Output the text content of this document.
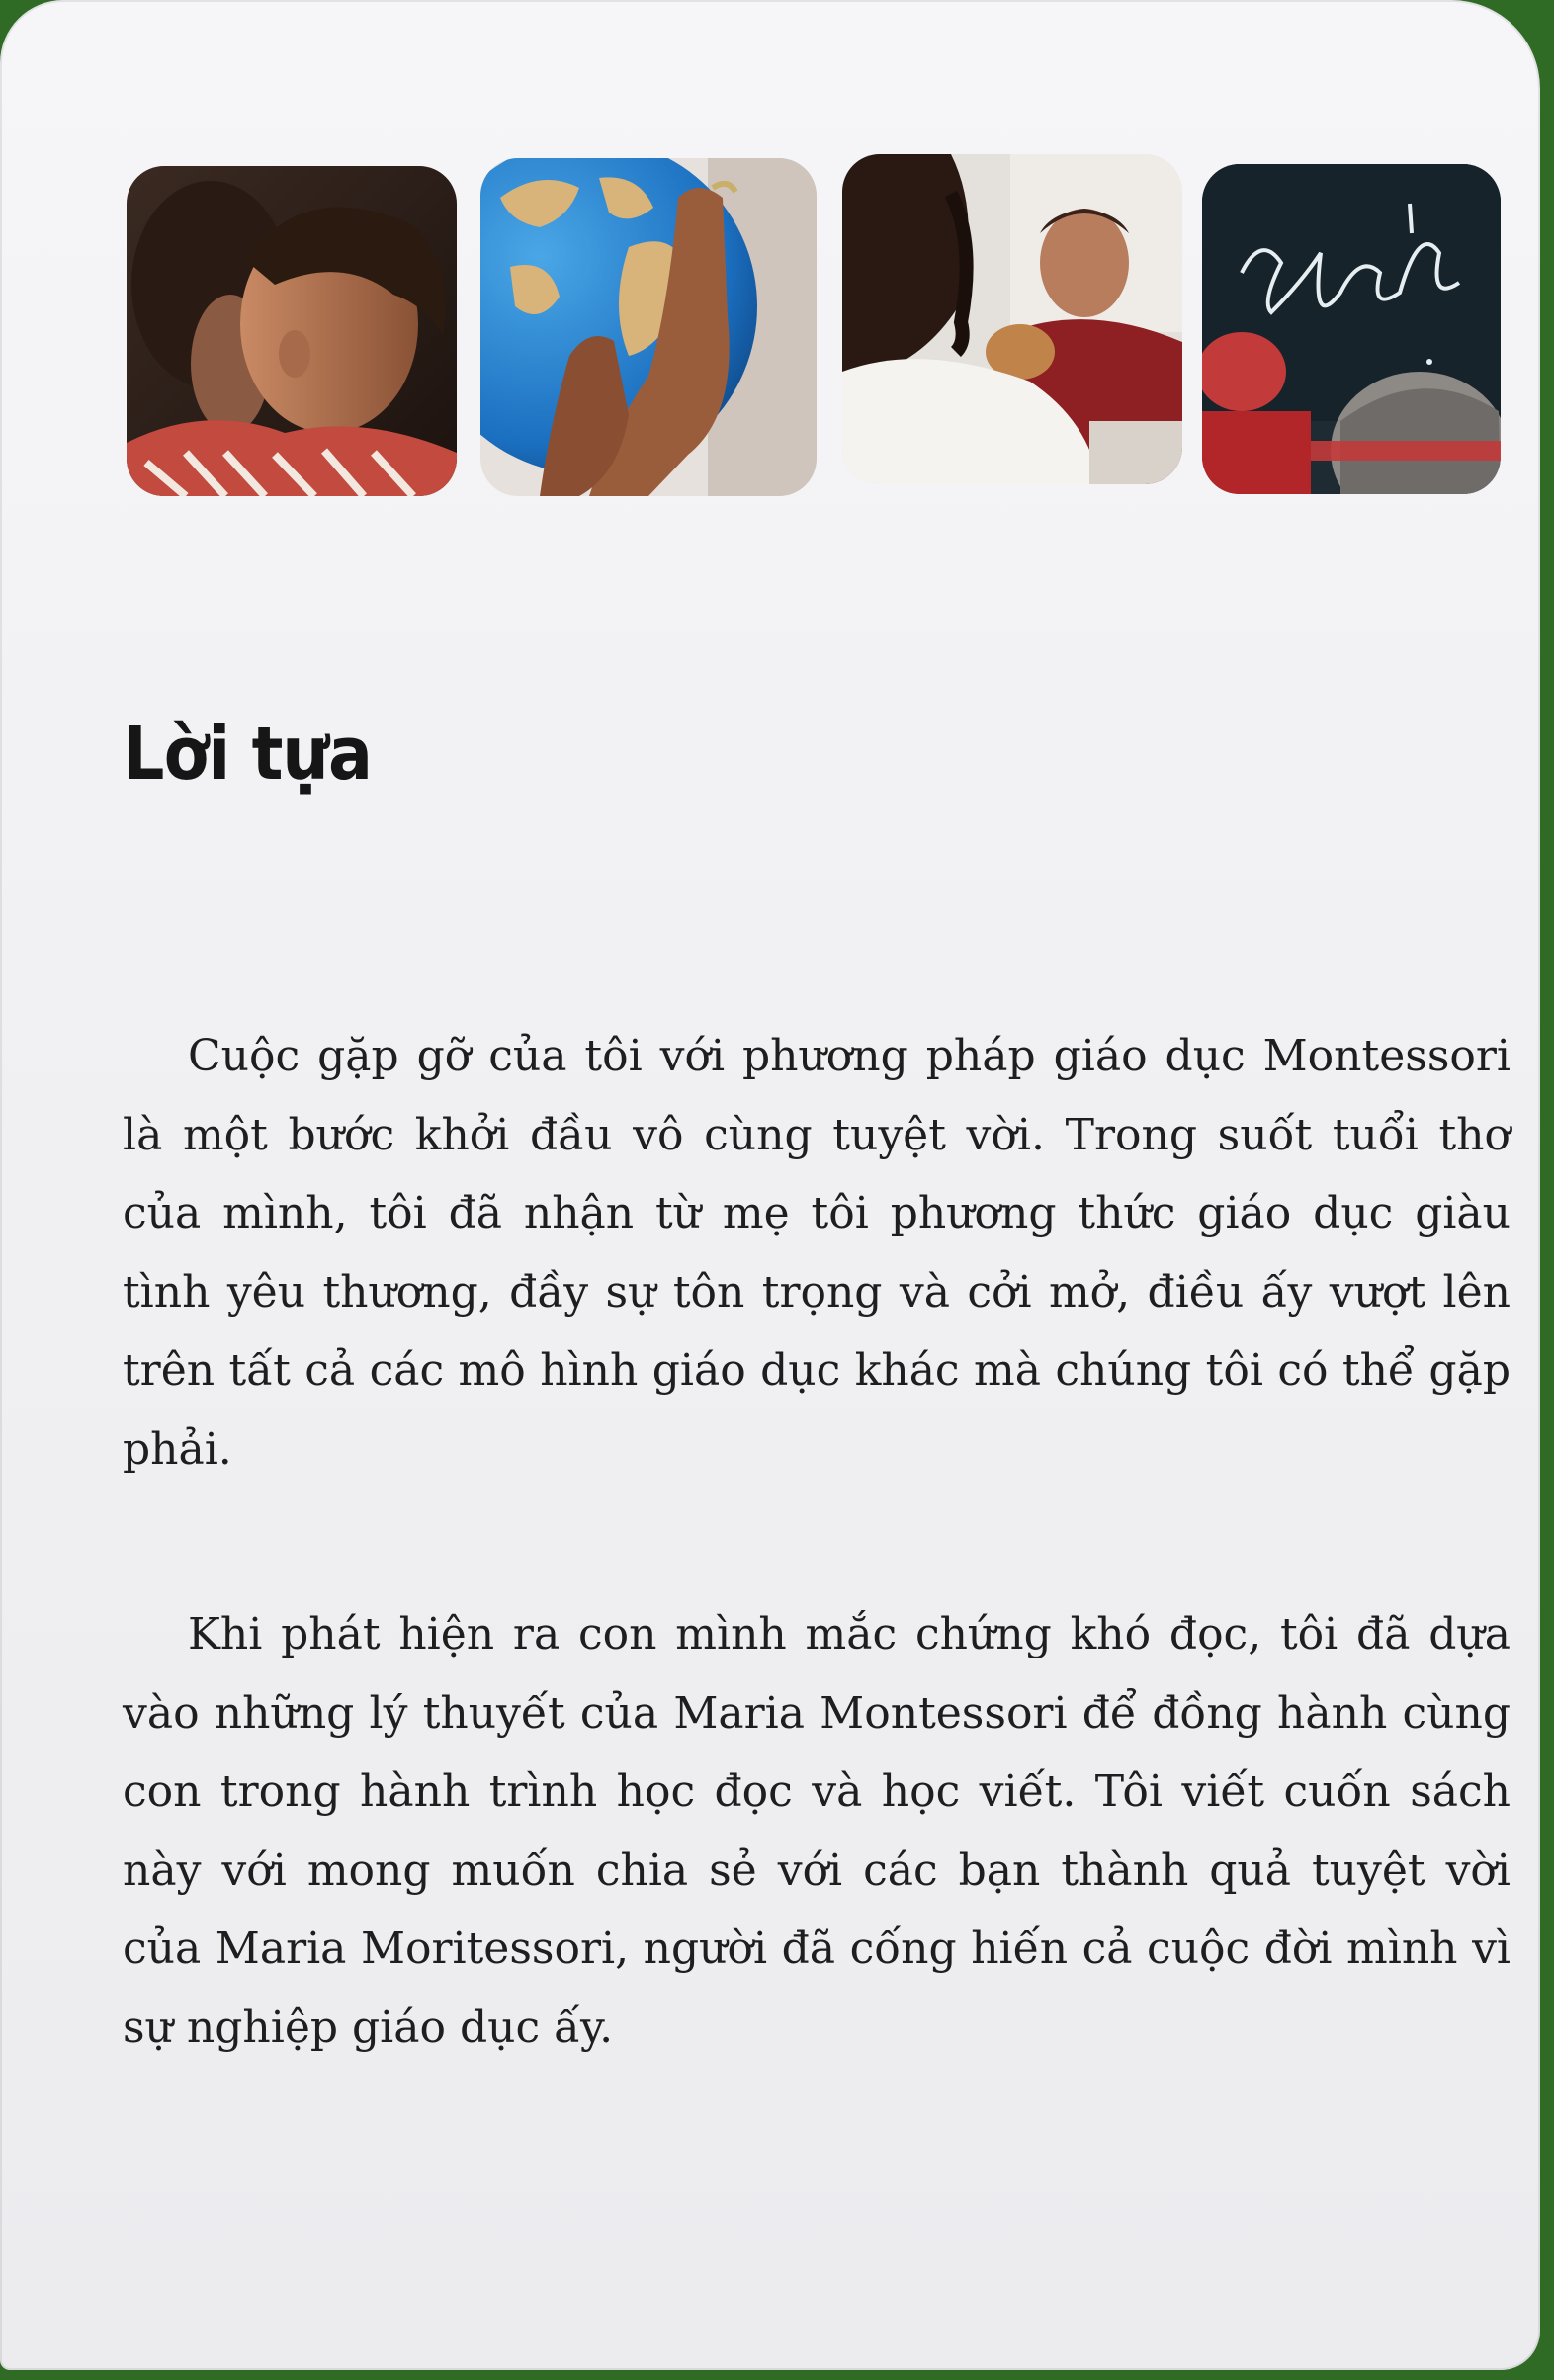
Lời tựa

Cuộc gặp gỡ của tôi với phương pháp giáo dục Montessori là một bước khởi đầu vô cùng tuyệt vời. Trong suốt tuổi thơ của mình, tôi đã nhận từ mẹ tôi phương thức giáo dục giàu tình yêu thương, đầy sự tôn trọng và cởi mở, điều ấy vượt lên trên tất cả các mô hình giáo dục khác mà chúng tôi có thể gặp phải.

Khi phát hiện ra con mình mắc chứng khó đọc, tôi đã dựa vào những lý thuyết của Maria Montessori để đồng hành cùng con trong hành trình học đọc và học viết. Tôi viết cuốn sách này với mong muốn chia sẻ với các bạn thành quả tuyệt vời của Maria Moritessori, người đã cống hiến cả cuộc đời mình vì sự nghiệp giáo dục ấy.
